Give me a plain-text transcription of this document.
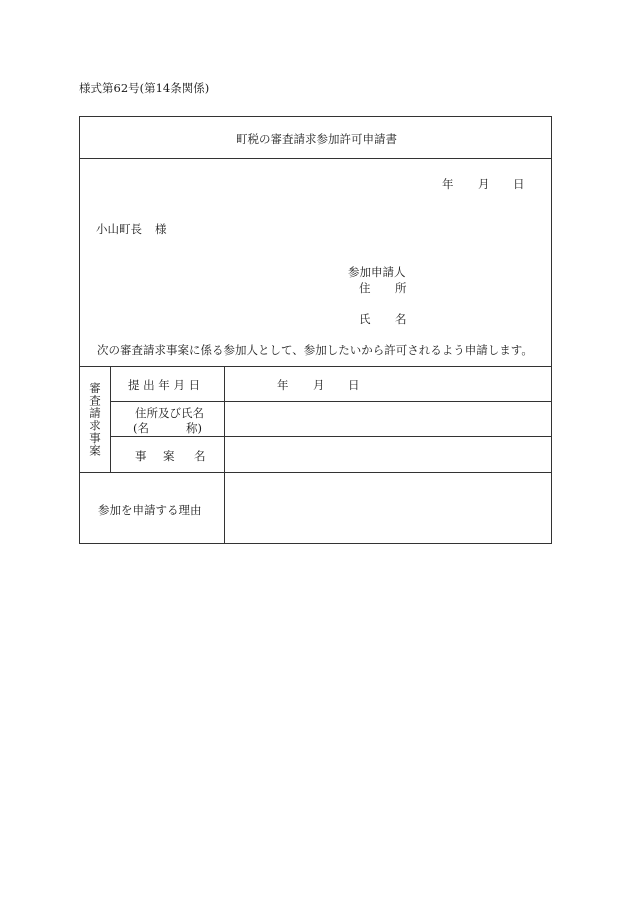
様式第62号(第14条関係)
町税の審査請求参加許可申請書
年 月 日
小山町長 様
参加申請人
住 所
氏 名
次の審査請求事案に係る参加人として、参加したいから許可されるよう申請します。
審査請求事案 提 出 年 月 日	年 月 日
住所及び氏名
(名	称)
事 案 名
参加を申請する理由
